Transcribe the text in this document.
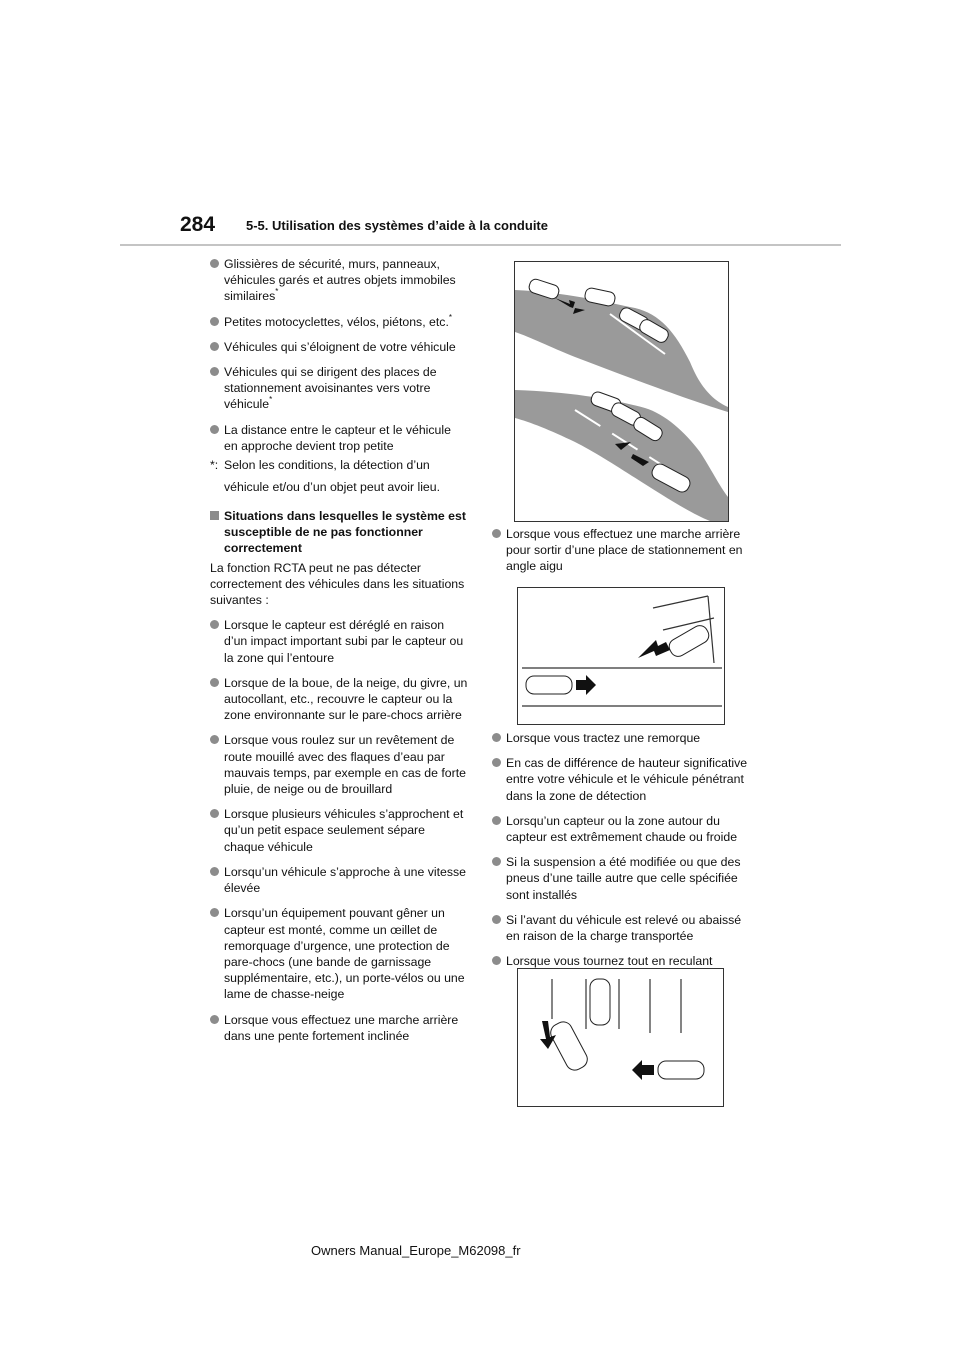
284 5-5. Utilisation des systèmes d’aide à la conduite
Glissières de sécurité, murs, panneaux, véhicules garés et autres objets immobiles similaires*
Petites motocyclettes, vélos, piétons, etc.*
Véhicules qui s’éloignent de votre véhicule
Véhicules qui se dirigent des places de stationnement avoisinantes vers votre véhicule*
La distance entre le capteur et le véhicule en approche devient trop petite
*: Selon les conditions, la détection d’un
véhicule et/ou d’un objet peut avoir lieu.
Situations dans lesquelles le système est susceptible de ne pas fonctionner correctement
La fonction RCTA peut ne pas détecter correctement des véhicules dans les situations suivantes :
Lorsque le capteur est déréglé en raison d’un impact important subi par le capteur ou la zone qui l’entoure
Lorsque de la boue, de la neige, du givre, un autocollant, etc., recouvre le capteur ou la zone environnante sur le pare-chocs arrière
Lorsque vous roulez sur un revêtement de route mouillé avec des flaques d’eau par mauvais temps, par exemple en cas de forte pluie, de neige ou de brouillard
Lorsque plusieurs véhicules s’approchent et qu’un petit espace seulement sépare chaque véhicule
Lorsqu’un véhicule s’approche à une vitesse élevée
Lorsqu’un équipement pouvant gêner un capteur est monté, comme un œillet de remorquage d’urgence, une protection de pare-chocs (une bande de garnissage supplémentaire, etc.), un porte-vélos ou une lame de chasse-neige
Lorsque vous effectuez une marche arrière dans une pente fortement inclinée
Lorsque vous effectuez une marche arrière pour sortir d’une place de stationnement en angle aigu
Lorsque vous tractez une remorque
En cas de différence de hauteur significative entre votre véhicule et le véhicule pénétrant dans la zone de détection
Lorsqu’un capteur ou la zone autour du capteur est extrêmement chaude ou froide
Si la suspension a été modifiée ou que des pneus d’une taille autre que celle spécifiée sont installés
Si l’avant du véhicule est relevé ou abaissé en raison de la charge transportée
Lorsque vous tournez tout en reculant
Owners Manual_Europe_M62098_fr
